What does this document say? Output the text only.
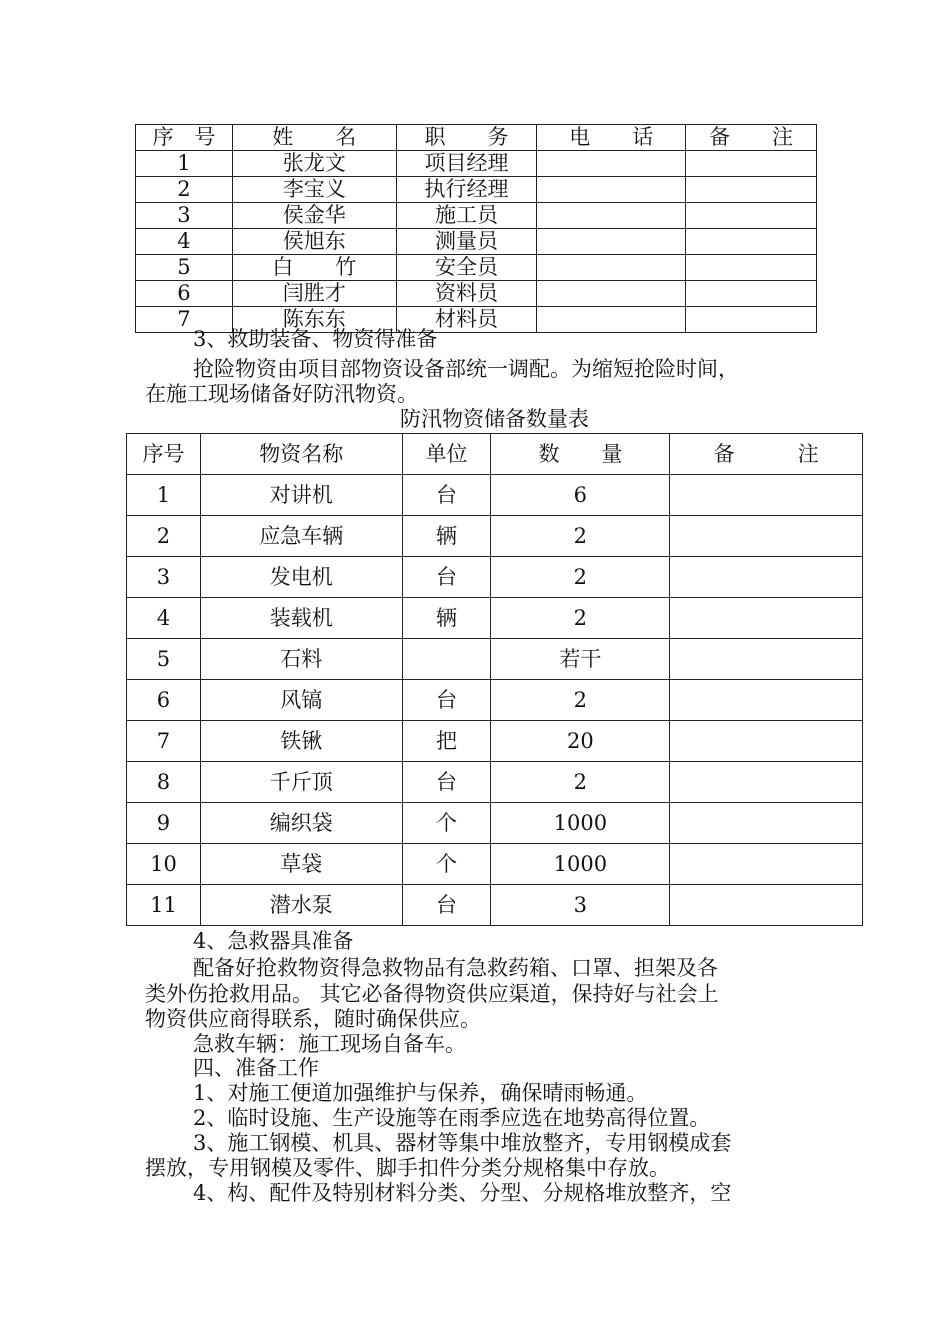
序　号	姓　　名	职　　务	电　　话	备　　注
1	张龙文	项目经理		
2	李宝义	执行经理		
3	侯金华	施工员		
4	侯旭东	测量员		
5	白　　竹	安全员		
6	闫胜才	资料员		
7	陈东东	材料员		

3、救助装备、物资得准备

抢险物资由项目部物资设备部统一调配。为缩短抢险时间，

在施工现场储备好防汛物资。

防汛物资储备数量表

序号	物资名称	单位	数　　量	备　　　注
1	对讲机	台	6	
2	应急车辆	辆	2	
3	发电机	台	2	
4	装载机	辆	2	
5	石料		若干	
6	风镐	台	2	
7	铁锹	把	20	
8	千斤顶	台	2	
9	编织袋	个	1000	
10	草袋	个	1000	
11	潜水泵	台	3	

4、急救器具准备

配备好抢救物资得急救物品有急救药箱、口罩、担架及各

类外伤抢救用品。 其它必备得物资供应渠道，保持好与社会上

物资供应商得联系，随时确保供应。

急救车辆：施工现场自备车。

四、准备工作

1、对施工便道加强维护与保养，确保晴雨畅通。

2、临时设施、生产设施等在雨季应选在地势高得位置。

3、施工钢模、机具、器材等集中堆放整齐，专用钢模成套

摆放，专用钢模及零件、脚手扣件分类分规格集中存放。

4、构、配件及特别材料分类、分型、分规格堆放整齐，空
